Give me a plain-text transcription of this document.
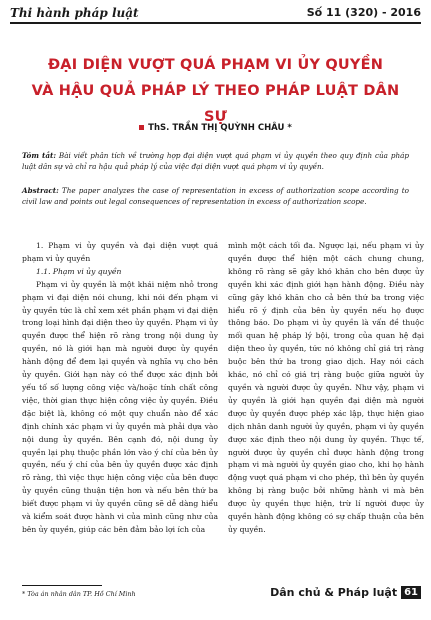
Thi hành pháp luật	Số 11 (320) - 2016
ĐẠI DIỆN VƯỢT QUÁ PHẠM VI ỦY QUYỀN
VÀ HẬU QUẢ PHÁP LÝ THEO PHÁP LUẬT DÂN SỰ
ThS. TRẦN THỊ QUỲNH CHÂU *
Tóm tắt: Bài viết phân tích về trường hợp đại diện vượt quá phạm vi ủy quyền theo quy định của pháp luật dân sự và chỉ ra hậu quả pháp lý của việc đại diện vượt quá phạm vi ủy quyền.
Abstract: The paper analyzes the case of representation in excess of authorization scope according to civil law and points out legal consequences of representation in excess of authorization scope.

1. Phạm vi ủy quyền và đại diện vượt quá phạm vi ủy quyền

1.1. Phạm vi ủy quyền

Phạm vi ủy quyền là một khái niệm nhỏ trong phạm vi đại diện nói chung, khi nói đến phạm vi ủy quyền tức là chỉ xem xét phần phạm vi đại diện trong loại hình đại diện theo ủy quyền. Phạm vi ủy quyền được thể hiện rõ ràng trong nội dung ủy quyền, nó là giới hạn mà người được ủy quyền hành động để đem lại quyền và nghĩa vụ cho bên ủy quyền. Giới hạn này có thể được xác định bởi yếu tố số lượng công việc và/hoặc tính chất công việc, thời gian thực hiện công việc ủy quyền. Điều đặc biệt là, không có một quy chuẩn nào để xác định chính xác phạm vi ủy quyền mà phải dựa vào nội dung ủy quyền. Bên cạnh đó, nội dung ủy quyền lại phụ thuộc phần lớn vào ý chí của bên ủy quyền, nếu ý chí của bên ủy quyền được xác định rõ ràng, thì việc thực hiện công việc của bên được ủy quyền cũng thuận tiện hơn và nếu bên thứ ba biết được phạm vi ủy quyền cũng sẽ dễ dàng hiểu và kiểm soát được hành vi của mình cũng như của bên ủy quyền, giúp các bên đảm bảo lợi ích của

mình một cách tối đa. Ngược lại, nếu phạm vi ủy quyền được thể hiện một cách chung chung, không rõ ràng sẽ gây khó khăn cho bên được ủy quyền khi xác định giới hạn hành động. Điều này cũng gây khó khăn cho cả bên thứ ba trong việc hiểu rõ ý định của bên ủy quyền nếu họ được thông báo. Do phạm vi ủy quyền là vấn đề thuộc mối quan hệ pháp lý bội, trong của quan hệ đại diện theo ủy quyền, tức nó không chỉ giá trị ràng buộc bên thứ ba trong giao dịch. Hay nói cách khác, nó chỉ có giá trị ràng buộc giữa người ủy quyền và người được ủy quyền. Như vậy, phạm vi ủy quyền là giới hạn quyền đại diện mà người được ủy quyền được phép xác lập, thực hiện giao dịch nhân danh người ủy quyền, phạm vi ủy quyền được xác định theo nội dung ủy quyền. Thực tế, người được ủy quyền chỉ được hành động trong phạm vi mà người ủy quyền giao cho, khi họ hành động vượt quá phạm vi cho phép, thì bên ủy quyền không bị ràng buộc bởi những hành vi mà bên được ủy quyền thực hiện, trừ lí người được ủy quyền hành động không có sự chấp thuận của bên ủy quyền.

* Tòa án nhân dân TP. Hồ Chí Minh	Dân chủ & Pháp luật 61
